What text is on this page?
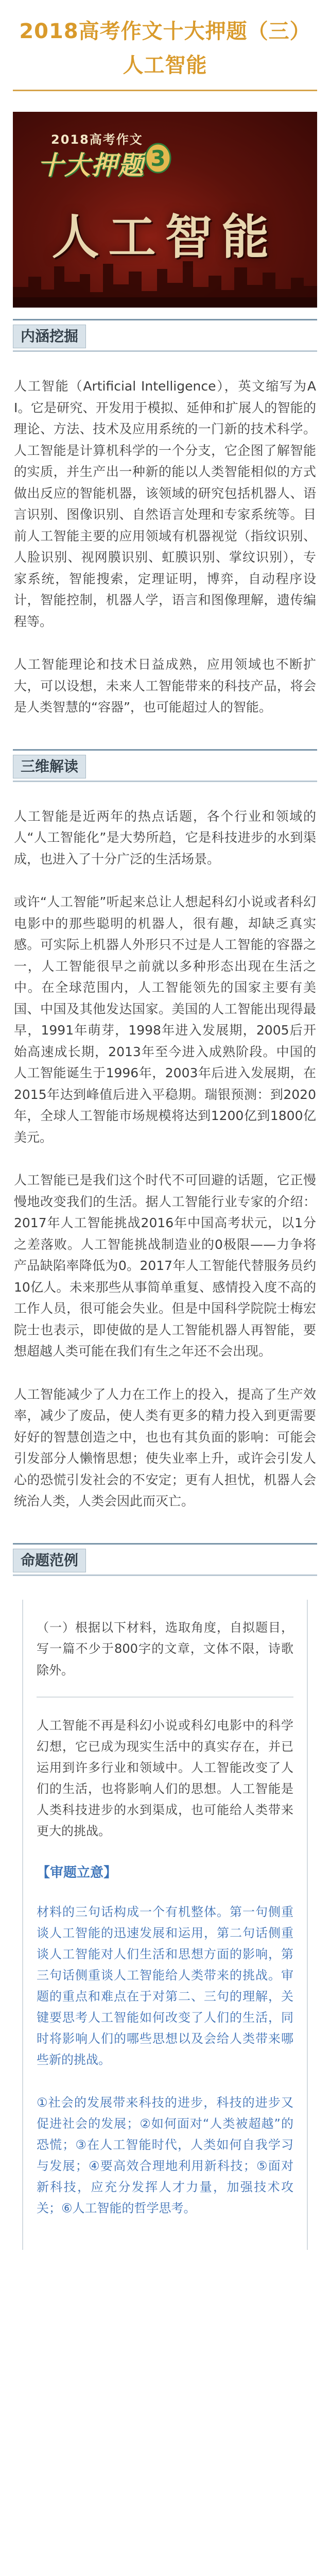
2018高考作文十大押题（三）
人工智能
2018高考作文
十大押题 3
人工智能
内涵挖掘

人工智能（Artificial Intelligence），英文缩写为AI。它是研究、开发用于模拟、延伸和扩展人的智能的理论、方法、技术及应用系统的一门新的技术科学。人工智能是计算机科学的一个分支，它企图了解智能的实质，并生产出一种新的能以人类智能相似的方式做出反应的智能机器，该领域的研究包括机器人、语言识别、图像识别、自然语言处理和专家系统等。目前人工智能主要的应用领域有机器视觉（指纹识别、人脸识别、视网膜识别、虹膜识别、掌纹识别），专家系统，智能搜索，定理证明，博弈，自动程序设计，智能控制，机器人学，语言和图像理解，遗传编程等。

人工智能理论和技术日益成熟，应用领域也不断扩大，可以设想，未来人工智能带来的科技产品，将会是人类智慧的“容器”，也可能超过人的智能。

三维解读

人工智能是近两年的热点话题，各个行业和领域的人“人工智能化”是大势所趋，它是科技进步的水到渠成，也进入了十分广泛的生活场景。

或许“人工智能”听起来总让人想起科幻小说或者科幻电影中的那些聪明的机器人，很有趣，却缺乏真实感。可实际上机器人外形只不过是人工智能的容器之一，人工智能很早之前就以多种形态出现在生活之中。在全球范围内，人工智能领先的国家主要有美国、中国及其他发达国家。美国的人工智能出现得最早，1991年萌芽，1998年进入发展期，2005后开始高速成长期，2013年至今进入成熟阶段。中国的人工智能诞生于1996年，2003年后进入发展期，在2015年达到峰值后进入平稳期。瑞银预测：到2020年，全球人工智能市场规模将达到1200亿到1800亿美元。

人工智能已是我们这个时代不可回避的话题，它正慢慢地改变我们的生活。据人工智能行业专家的介绍：2017年人工智能挑战2016年中国高考状元，以1分之差落败。人工智能挑战制造业的0极限——力争将产品缺陷率降低为0。2017年人工智能代替服务员约10亿人。未来那些从事简单重复、感情投入度不高的工作人员，很可能会失业。但是中国科学院院士梅宏院士也表示，即使做的是人工智能机器人再智能，要想超越人类可能在我们有生之年还不会出现。

人工智能减少了人力在工作上的投入，提高了生产效率，减少了废品，使人类有更多的精力投入到更需要好好的智慧创造之中，也也有其负面的影响：可能会引发部分人懒惰思想；使失业率上升，或许会引发人心的恐慌引发社会的不安定；更有人担忧，机器人会统治人类，人类会因此而灭亡。

命题范例

（一）根据以下材料，选取角度，自拟题目，写一篇不少于800字的文章，文体不限，诗歌除外。

人工智能不再是科幻小说或科幻电影中的科学幻想，它已成为现实生活中的真实存在，并已运用到许多行业和领域中。人工智能改变了人们的生活，也将影响人们的思想。人工智能是人类科技进步的水到渠成，也可能给人类带来更大的挑战。

【审题立意】

材料的三句话构成一个有机整体。第一句侧重谈人工智能的迅速发展和运用，第二句话侧重谈人工智能对人们生活和思想方面的影响，第三句话侧重谈人工智能给人类带来的挑战。审题的重点和难点在于对第二、三句的理解，关键要思考人工智能如何改变了人们的生活，同时将影响人们的哪些思想以及会给人类带来哪些新的挑战。

①社会的发展带来科技的进步，科技的进步又促进社会的发展；②如何面对“人类被超越”的恐慌；③在人工智能时代，人类如何自我学习与发展；④要高效合理地利用新科技；⑤面对新科技，应充分发挥人才力量，加强技术攻关；⑥人工智能的哲学思考。
